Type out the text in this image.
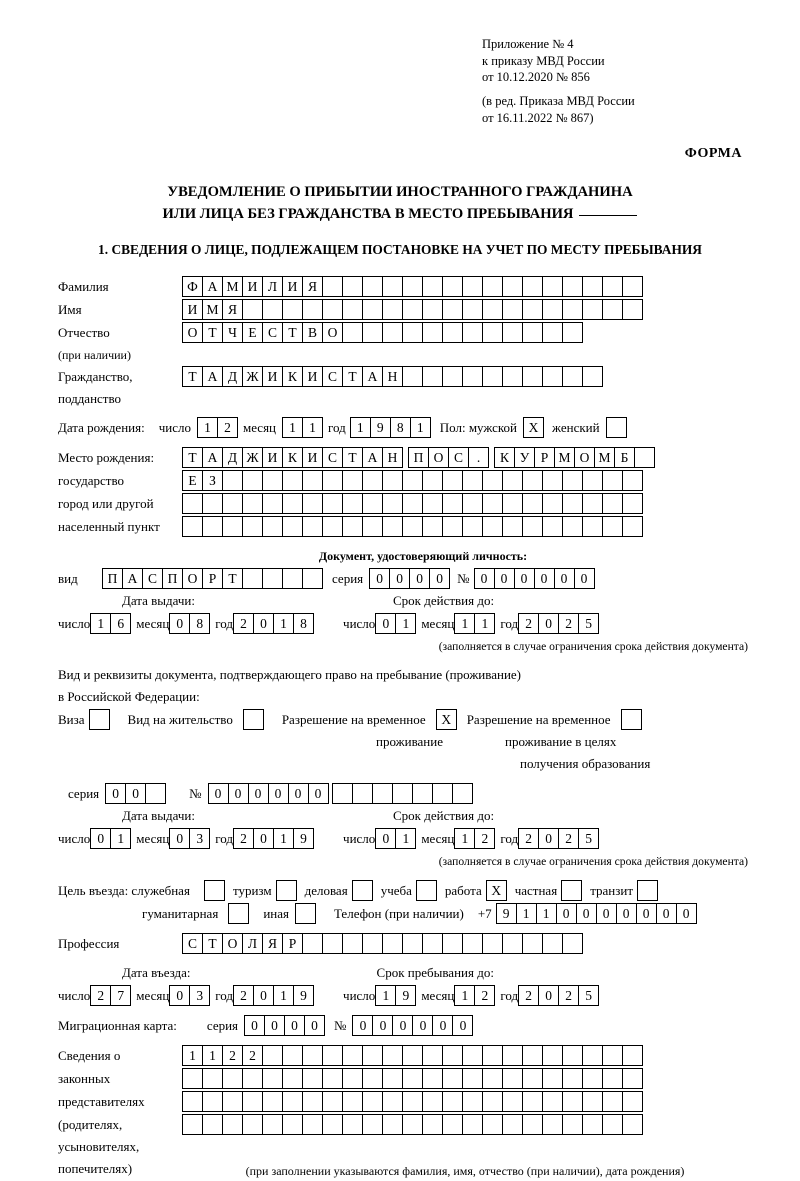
Приложение № 4
к приказу МВД России
от 10.12.2020 № 856
(в ред. Приказа МВД России
от 16.11.2022 № 867)
ФОРМА
УВЕДОМЛЕНИЕ О ПРИБЫТИИ ИНОСТРАННОГО ГРАЖДАНИНА
ИЛИ ЛИЦА БЕЗ ГРАЖДАНСТВА В МЕСТО ПРЕБЫВАНИЯ
1. СВЕДЕНИЯ О ЛИЦЕ, ПОДЛЕЖАЩЕМ ПОСТАНОВКЕ НА УЧЕТ ПО МЕСТУ ПРЕБЫВАНИЯ
Фамилия	Ф А М И Л И Я
Имя	И М Я
Отчество	О Т Ч Е С Т В О
(при наличии)
Гражданство,	Т А Д Ж И К И С Т А Н
подданство
Дата рождения: число 1 2 месяц 1 1 год 1 9 8 1	Пол: мужской X	женский
Место рождения:	Т А Д Ж И К И С Т А Н	П О С	.	К У Р М О М Б
государство	Е З
город или другой
населенный пункт
Документ, удостоверяющий личность:
вид	П А С П О Р Т	серия 0 0 0 0	№ 0 0 0 0 0 0
Дата выдачи:	Срок действия до:
число 1 6 месяц 0 8 год 2 0 1 8	число 0 1 месяц 1 1 год 2 0 2 5
(заполняется в случае ограничения срока действия документа)
Вид и реквизиты документа, подтверждающего право на пребывание (проживание)
в Российской Федерации:
Виза	Вид на жительство	Разрешение на временное	X	Разрешение на временное
проживание	проживание в целях
получения образования
серия 0 0	№ 0 0 0 0 0 0
Дата выдачи:	Срок действия до:
число 0 1 месяц 0 3 год 2 0 1 9	число 0 1 месяц 1 2 год 2 0 2 5
(заполняется в случае ограничения срока действия документа)
Цель въезда: служебная	туризм	деловая	учеба	работа X	частная	транзит
гуманитарная	иная	Телефон (при наличии) +7 9 1 1 0 0 0 0 0 0 0
Профессия	С Т О Л Я Р
Дата въезда:	Срок пребывания до:
число 2 7 месяц 0 3 год 2 0 1 9	число 1 9 месяц 1 2 год 2 0 2 5
Миграционная карта: серия 0 0 0 0	№ 0 0 0 0 0 0
Сведения о	1 1 2 2
законных
представителях
(родителях,
усыновителях,
попечителях)	(при заполнении указываются фамилия, имя, отчество (при наличии), дата рождения)
